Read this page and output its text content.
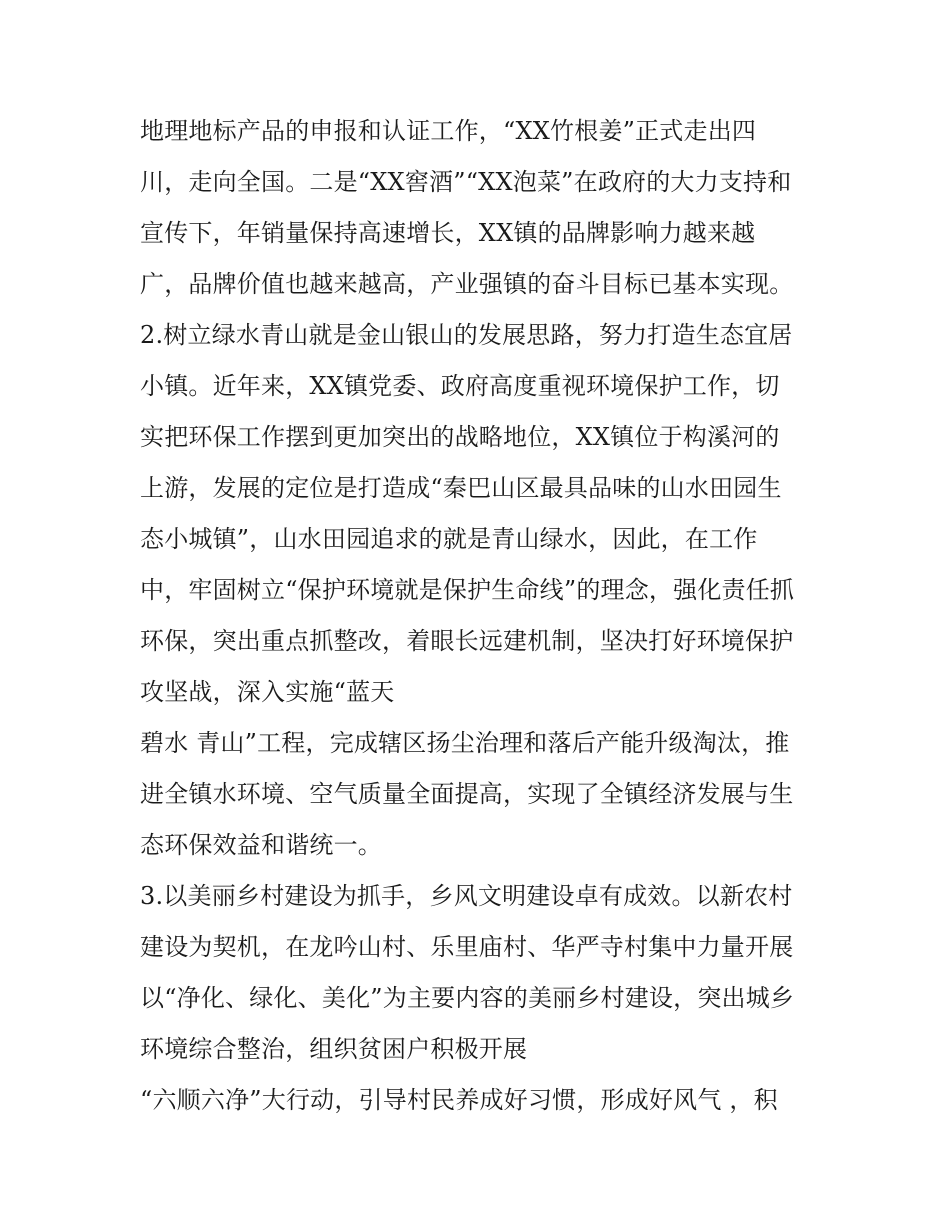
地理地标产品的申报和认证工作，“XX竹根姜”正式走出四
川，走向全国。二是“XX窖酒”“XX泡菜”在政府的大力支持和
宣传下，年销量保持高速增长，XX镇的品牌影响力越来越
广，品牌价值也越来越高，产业强镇的奋斗目标已基本实现。
2.树立绿水青山就是金山银山的发展思路，努力打造生态宜居
小镇。近年来，XX镇党委、政府高度重视环境保护工作，切
实把环保工作摆到更加突出的战略地位，XX镇位于构溪河的
上游，发展的定位是打造成“秦巴山区最具品味的山水田园生
态小城镇”，山水田园追求的就是青山绿水，因此，在工作
中，牢固树立“保护环境就是保护生命线”的理念，强化责任抓
环保，突出重点抓整改，着眼长远建机制，坚决打好环境保护
攻坚战，深入实施“蓝天
碧水 青山”工程，完成辖区扬尘治理和落后产能升级淘汰，推
进全镇水环境、空气质量全面提高，实现了全镇经济发展与生
态环保效益和谐统一。
3.以美丽乡村建设为抓手，乡风文明建设卓有成效。以新农村
建设为契机，在龙吟山村、乐里庙村、华严寺村集中力量开展
以“净化、绿化、美化”为主要内容的美丽乡村建设，突出城乡
环境综合整治，组织贫困户积极开展
“六顺六净”大行动，引导村民养成好习惯，形成好风气 ，积
